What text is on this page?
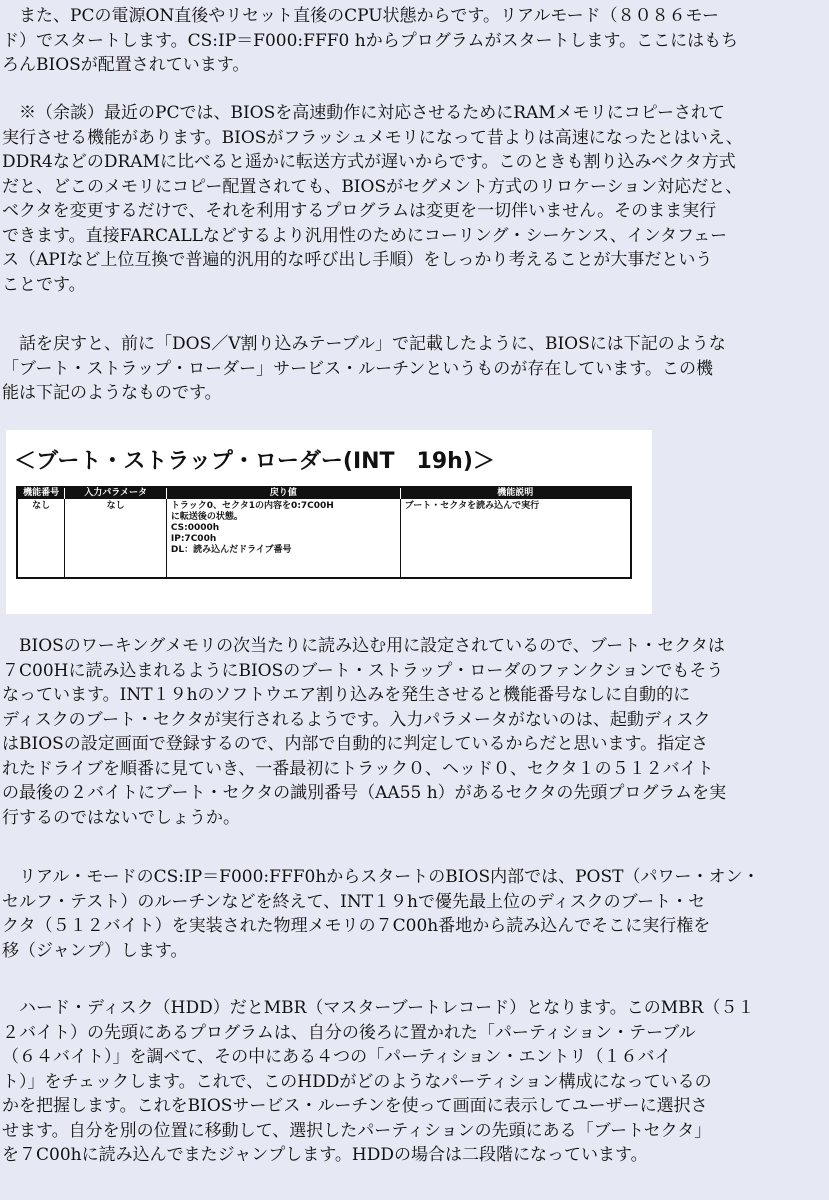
　また、PCの電源ON直後やリセット直後のCPU状態からです。リアルモード（８０８６モー
ド）でスタートします。CS:IP＝F000:FFF0 hからプログラムがスタートします。ここにはもち
ろんBIOSが配置されています。
　※（余談）最近のPCでは、BIOSを高速動作に対応させるためにRAMメモリにコピーされて
実行させる機能があります。BIOSがフラッシュメモリになって昔よりは高速になったとはいえ、
DDR4などのDRAMに比べると遥かに転送方式が遅いからです。このときも割り込みベクタ方式
だと、どこのメモリにコピー配置されても、BIOSがセグメント方式のリロケーション対応だと、
ベクタを変更するだけで、それを利用するプログラムは変更を一切伴いません。そのまま実行
できます。直接FARCALLなどするより汎用性のためにコーリング・シーケンス、インタフェー
ス（APIなど上位互換で普遍的汎用的な呼び出し手順）をしっかり考えることが大事だという
ことです。
　話を戻すと、前に「DOS／V割り込みテーブル」で記載したように、BIOSには下記のような
「ブート・ストラップ・ローダー」サービス・ルーチンというものが存在しています。この機
能は下記のようなものです。
＜ブート・ストラップ・ローダー(INT　19h)＞
機能番号	入力パラメータ	戻り値	機能説明
なし	なし	トラック0、セクタ1の内容を0:7C00H
に転送後の状態。
CS:0000h
IP:7C00h
DL：読み込んだドライブ番号	ブート・セクタを読み込んで実行
　BIOSのワーキングメモリの次当たりに読み込む用に設定されているので、ブート・セクタは
７C00Hに読み込まれるようにBIOSのブート・ストラップ・ローダのファンクションでもそう
なっています。INT１９hのソフトウエア割り込みを発生させると機能番号なしに自動的に
ディスクのブート・セクタが実行されるようです。入力パラメータがないのは、起動ディスク
はBIOSの設定画面で登録するので、内部で自動的に判定しているからだと思います。指定さ
れたドライブを順番に見ていき、一番最初にトラック０、ヘッド０、セクタ１の５１２バイト
の最後の２バイトにブート・セクタの識別番号（AA55 h）があるセクタの先頭プログラムを実
行するのではないでしょうか。
　リアル・モードのCS:IP＝F000:FFF0hからスタートのBIOS内部では、POST（パワー・オン・
セルフ・テスト）のルーチンなどを終えて、INT１９hで優先最上位のディスクのブート・セ
クタ（５１２バイト）を実装された物理メモリの７C00h番地から読み込んでそこに実行権を
移（ジャンプ）します。
　ハード・ディスク（HDD）だとMBR（マスターブートレコード）となります。このMBR（５１
２バイト）の先頭にあるプログラムは、自分の後ろに置かれた「パーティション・テーブル
（６４バイト）」を調べて、その中にある４つの「パーティション・エントリ（１６バイ
ト）」をチェックします。これで、このHDDがどのようなパーティション構成になっているの
かを把握します。これをBIOSサービス・ルーチンを使って画面に表示してユーザーに選択さ
せます。自分を別の位置に移動して、選択したパーティションの先頭にある「ブートセクタ」
を７C00hに読み込んでまたジャンプします。HDDの場合は二段階になっています。
